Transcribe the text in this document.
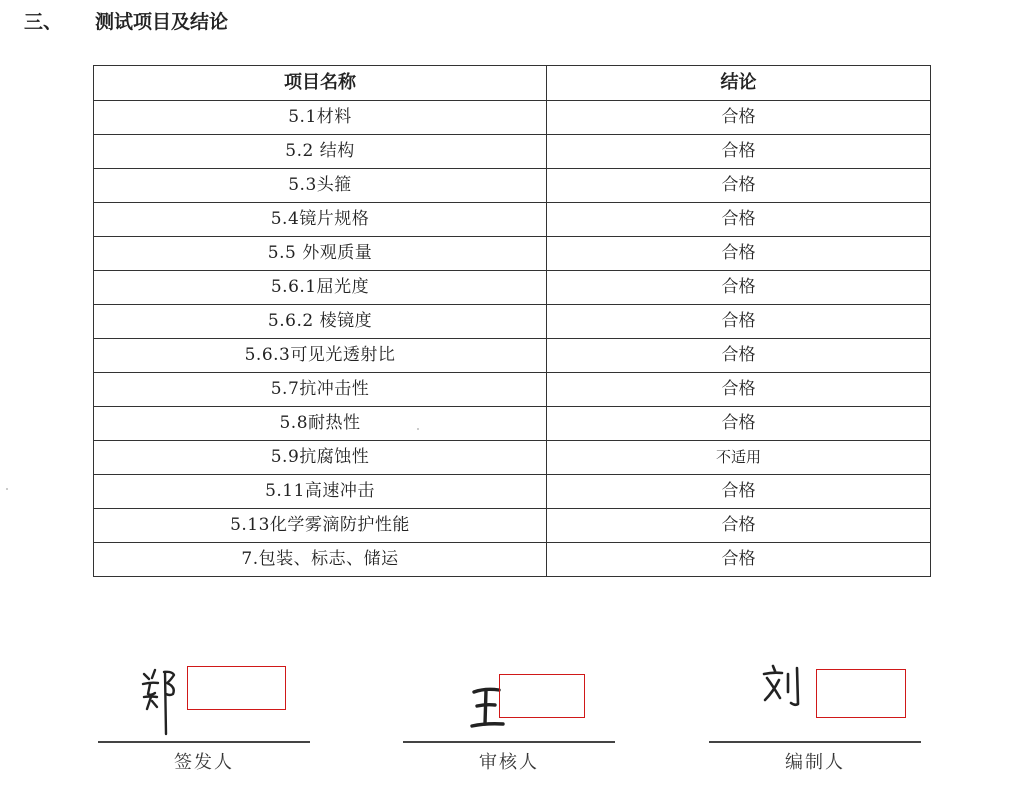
三、 测试项目及结论
项目名称	结论
5.1材料	合格
5.2 结构	合格
5.3头箍	合格
5.4镜片规格	合格
5.5 外观质量	合格
5.6.1屈光度	合格
5.6.2 棱镜度	合格
5.6.3可见光透射比	合格
5.7抗冲击性	合格
5.8耐热性	合格
5.9抗腐蚀性	不适用
5.11高速冲击	合格
5.13化学雾滴防护性能	合格
7.包装、标志、储运	合格
签发人	审核人	编制人
